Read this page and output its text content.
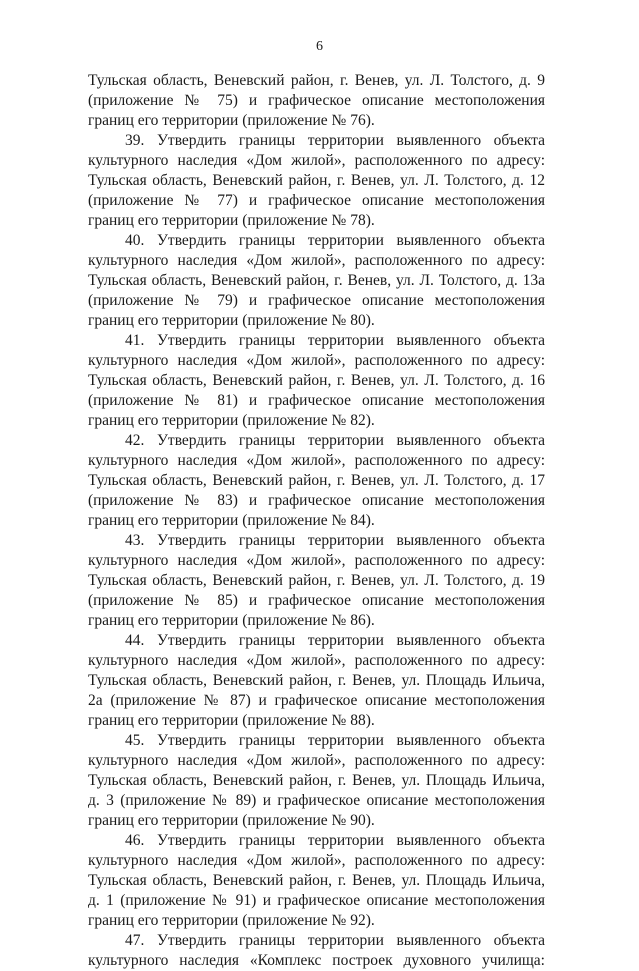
6

Тульская область, Веневский район, г. Венев, ул. Л. Толстого, д. 9 (приложение № 75) и графическое описание местоположения границ его территории (приложение № 76).

39. Утвердить границы территории выявленного объекта культурного наследия «Дом жилой», расположенного по адресу: Тульская область, Веневский район, г. Венев, ул. Л. Толстого, д. 12 (приложение № 77) и графическое описание местоположения границ его территории (приложение № 78).

40. Утвердить границы территории выявленного объекта культурного наследия «Дом жилой», расположенного по адресу: Тульская область, Веневский район, г. Венев, ул. Л. Толстого, д. 13а (приложение № 79) и графическое описание местоположения границ его территории (приложение № 80).

41. Утвердить границы территории выявленного объекта культурного наследия «Дом жилой», расположенного по адресу: Тульская область, Веневский район, г. Венев, ул. Л. Толстого, д. 16 (приложение № 81) и графическое описание местоположения границ его территории (приложение № 82).

42. Утвердить границы территории выявленного объекта культурного наследия «Дом жилой», расположенного по адресу: Тульская область, Веневский район, г. Венев, ул. Л. Толстого, д. 17 (приложение № 83) и графическое описание местоположения границ его территории (приложение № 84).

43. Утвердить границы территории выявленного объекта культурного наследия «Дом жилой», расположенного по адресу: Тульская область, Веневский район, г. Венев, ул. Л. Толстого, д. 19 (приложение № 85) и графическое описание местоположения границ его территории (приложение № 86).

44. Утвердить границы территории выявленного объекта культурного наследия «Дом жилой», расположенного по адресу: Тульская область, Веневский район, г. Венев, ул. Площадь Ильича, 2а (приложение № 87) и графическое описание местоположения границ его территории (приложение № 88).

45. Утвердить границы территории выявленного объекта культурного наследия «Дом жилой», расположенного по адресу: Тульская область, Веневский район, г. Венев, ул. Площадь Ильича, д. 3 (приложение № 89) и графическое описание местоположения границ его территории (приложение № 90).

46. Утвердить границы территории выявленного объекта культурного наследия «Дом жилой», расположенного по адресу: Тульская область, Веневский район, г. Венев, ул. Площадь Ильича, д. 1 (приложение № 91) и графическое описание местоположения границ его территории (приложение № 92).

47. Утвердить границы территории выявленного объекта культурного наследия «Комплекс построек духовного училища:
